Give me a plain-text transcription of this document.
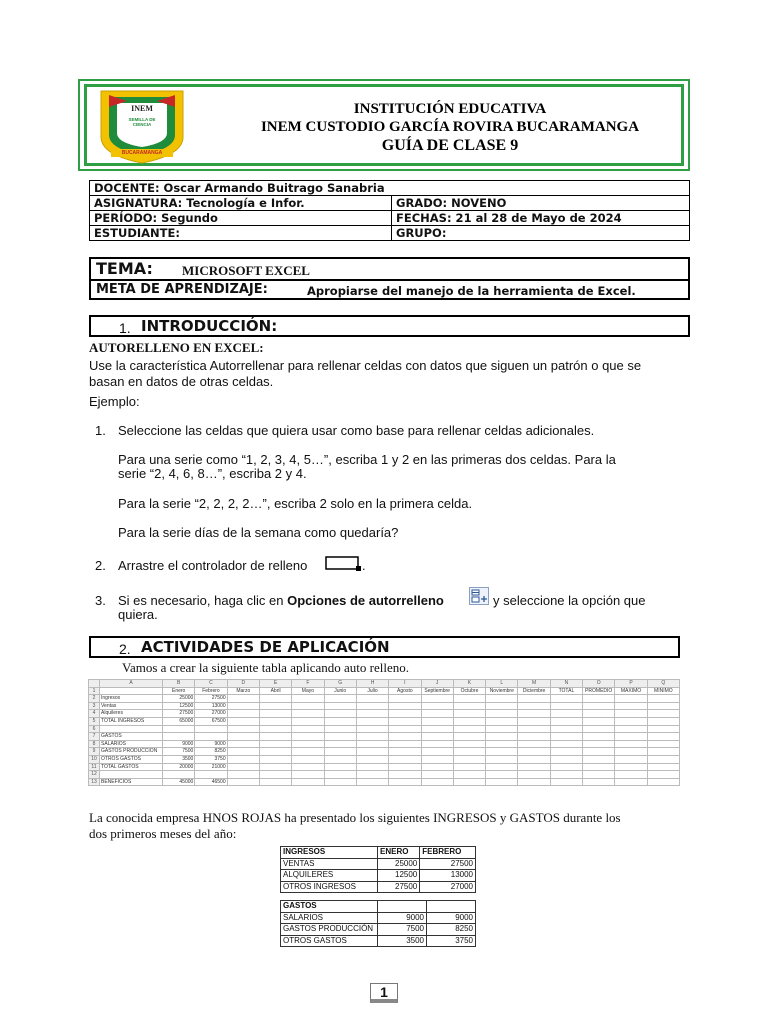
INEM
SEMILLA DE CIENCIA
BUCARAMANGA
INSTITUCIÓN EDUCATIVA
INEM CUSTODIO GARCÍA ROVIRA BUCARAMANGA
GUÍA DE CLASE 9
DOCENTE: Oscar Armando Buitrago Sanabria	
ASIGNATURA: Tecnología e Infor.	GRADO: NOVENO
PERÍODO: Segundo	FECHAS: 21 al 28 de Mayo de 2024
ESTUDIANTE:	GRUPO:
TEMA: MICROSOFT EXCEL
META DE APRENDIZAJE:	Apropiarse del manejo de la herramienta de Excel.
1. INTRODUCCIÓN:
AUTORELLENO EN EXCEL:
Use la característica Autorrellenar para rellenar celdas con datos que siguen un patrón o que se
basan en datos de otras celdas.
Ejemplo:
1. Seleccione las celdas que quiera usar como base para rellenar celdas adicionales.
Para una serie como “1, 2, 3, 4, 5…”, escriba 1 y 2 en las primeras dos celdas. Para la
serie “2, 4, 6, 8…”, escriba 2 y 4.
Para la serie “2, 2, 2, 2…”, escriba 2 solo en la primera celda.
Para la serie días de la semana como quedaría?
2. Arrastre el controlador de relleno	.
3. Si es necesario, haga clic en Opciones de autorrelleno	y seleccione la opción que
quiera.
2. ACTIVIDADES DE APLICACIÓN
Vamos a crear la siguiente tabla aplicando auto relleno.
	A	B	C	D	E	F	G	H	I	J	K	L	M	N	O	P	Q
1		Enero	Febrero	Marzo	Abril	Mayo	Junio	Julio	Agosto	Septiembre	Octubre	Noviembre	Diciembre	TOTAL	PROMEDIO	MAXIMO	MINIMO
2	Ingresos	25000	27500														
3	Ventas	12500	13000														
4	Alquileres	27500	27000														
5	TOTAL INGRESOS	65000	67500														
6																	
7	GASTOS																
8	SALARIOS	9000	9000														
9	GASTOS PRODUCCION	7500	8250														
10	OTROS GASTOS	3500	3750														
11	TOTAL GASTOS	20000	21000														
12																	
13	BENEFICIOS	45000	46500														
La conocida empresa HNOS ROJAS ha presentado los siguientes INGRESOS y GASTOS durante los
dos primeros meses del año:
INGRESOS	ENERO	FEBRERO
VENTAS	25000	27500
ALQUILERES	12500	13000
OTROS INGRESOS	27500	27000
GASTOS		
SALARIOS	9000	9000
GASTOS PRODUCCIÓN	7500	8250
OTROS GASTOS	3500	3750
1
